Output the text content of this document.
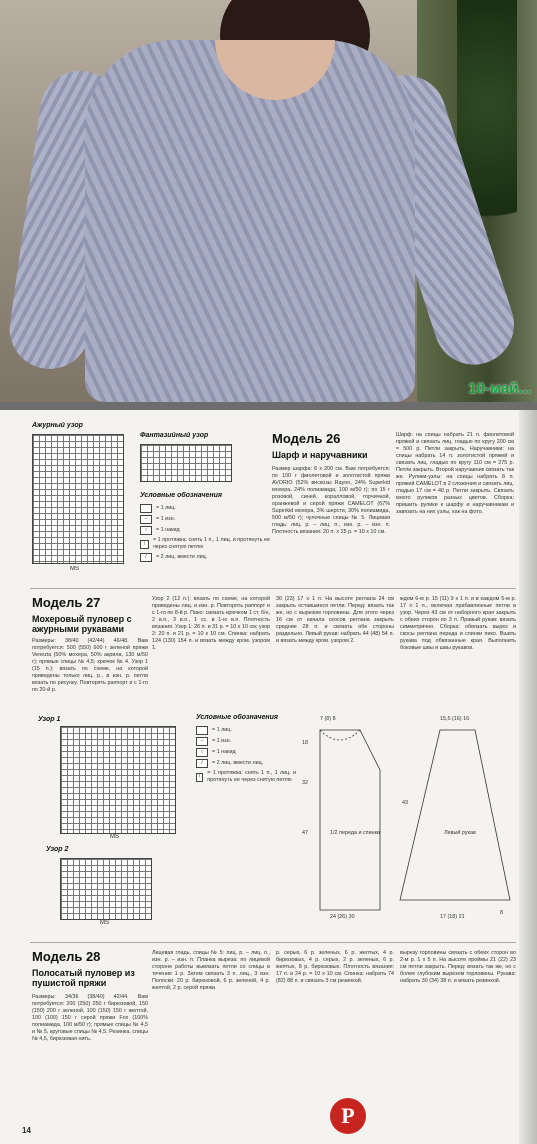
10-май...
Ажурный узор
MS
Фантазийный узор
Условные обозначения
= 1 лиц.
–	= 1 изн.
○	= 1 накид
\
= 1 протяжка: снять 1 п., 1 лиц. и протянуть ее через снятую петлю
/	= 2 лиц. вместе лиц.
Модель 26
Шарф и наручавники
Размер шарфа: 6 х 200 см. Вам потребуется: по 100 г фиолетовой и золотистой пряжи AVORIO (52% вискозы Rayon, 24% Superkid мохера, 24% полиамида, 100 м/50 г); по 15 г розовой, синей, коралловой, горчичной, оранжевой и серой пряжи CAMELOT (67% Superkid мохера, 3% шерсти, 30% полиамида, 500 м/50 г); чулочные спицы № 5. Лицевая гладь: лиц. р. – лиц. п., изн. р. – изн. п. Плотность вязания: 20 п. х 25 р. = 10 х 10 см.
Шарф: на спицы набрать 21 п. фиолетовой пряжей и связать лиц. гладью по кругу 200 см = 500 р. Петли закрыть. Наручавники: на спицы набрать 14 п. золотистой пряжей и связать лиц. гладью по кругу 110 см = 275 р. Петли закрыть. Второй наручавник связать так же. Рулики-узлы: на спицы набрать 8 п. пряжей CAMELOT в 2 сложения и связать лиц. гладью 17 см = 40 р. Петли закрыть. Связать много руликов разных цветов. Сборка: пришить рулики к шарфу и наручавникам и завязать на них узлы, как на фото.
Модель 27
Мохеровый пуловер с ажурными рукавами
Размеры: 38/40 (42/44) 46/48. Вам потребуется: 500 (550) 600 г зеленой пряжи Venezia (50% мохера, 50% акрила, 130 м/50 г); прямые спицы № 4,5; крючок № 4. Узор 1 (15 п.): вязать по схеме, на которой приведены только лиц. р., в изн. р. петли вязать по рисунку. Повторять раппорт и с 1-го по 20-й р.
Узор 2 (12 п.): вязать по схеме, на которой приведены лиц. и изн. р. Повторять раппорт и с 1-го по 8-й р. Пико: связать крючком 1 ст. б/н, 2 в.п., 3 в.п., 1 сс. в 1-ю в.п. Плотность вязания. Узор 1: 26 п. и 31 р. = 10 х 10 см; узор 2: 20 п. и 21 р. = 10 х 10 см. Спинка: набрать 124 (130) 154 п. и вязать между кром. узором 1.
30 (23) 17 х 1 п. На высоте реглана 24 см закрыть оставшиеся петли. Перед: вязать так же, но с вырезом горловины. Для этого через 16 см от начала скосов реглана закрыть средние 28 п. и связать обе стороны раздельно. Левый рукав: набрать 44 (48) 54 п. и вязать между кром. узором 2.
ждом 6-м р. 15 (11) 9 х 1 п. и в каждом 5-м р. 17 х 1 п., включая прибавленные петли в узор. Через 43 см от наборного края закрыть с обеих сторон по 3 п. Правый рукав: вязать симметрично. Сборка: обвязать вырез и скосы реглана переда и спинки пико. Вшить рукава под обвязанные края. Выполнить боковые швы и швы рукавов.
Узор 1
MS
Узор 2
MS
Условные обозначения
= 1 лиц.
–	= 1 изн.
○	= 1 накид
/	= 2 лиц. вместе лиц.
\
= 1 протяжка: снять 1 п., 1 лиц. и протянуть ее через снятую петлю
1/2 переда и спинки	Левый рукав
7 (8) 8
18
24 (26) 30
15,5 (16) 16
43
47
32
8
17 (18) 21
Модель 28
Полосатый пуловер из пушистой пряжи
Размеры: 34/36 (38/40) 42/44. Вам потребуется: 200 (250) 250 г бирюзовой, 150 (150) 200 г зеленой, 100 (150) 150 г желтой, 100 (100) 150 г серой пряжи Fox (100% полиамида, 100 м/50 г); прямые спицы № 4,5 и № 5, круговые спицы № 4,5. Резинка, спицы № 4,5, бирюзовая нить.
Лицевая гладь, спицы № 5: лиц. р. – лиц. п., изн. р. – изн. п. Планка выреза: по лицевой стороне работы вывязать петли со спицы в течение 1 р. Затем связать 3 п. лиц., 3 изн. Полоски: 20 р. бирюзовой, 6 р. зеленой, 4 р. желтой, 2 р. серой пряжи.
р. серых, 6 р. зеленых, 6 р. желтых, 4 р. бирюзовых, 4 р. серых, 2 р. зеленых, 6 р. желтых, 8 р. бирюзовых. Плотность вязания: 17 п. и 24 р. = 10 х 10 см. Спинка: набрать 74 (82) 88 п. и связать 3 см резинкой.
вырезу горловины связать с обеих сторон во 2-м р. 1 х 5 п. На высоте проймы 21 (22) 23 см петли закрыть. Перед: вязать так же, но с более глубоким вырезом горловины. Рукава: набрать 30 (34) 38 п. и вязать резинкой.
14
P
